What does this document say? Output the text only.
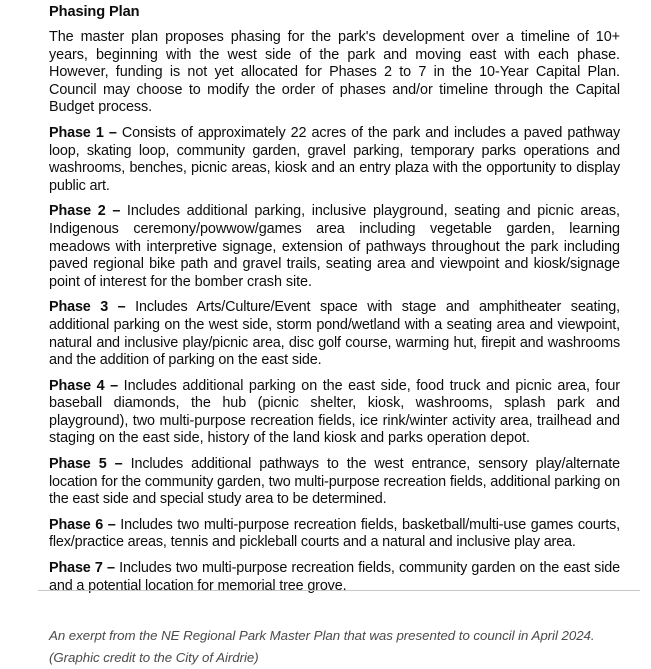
Phasing Plan

The master plan proposes phasing for the park's development over a timeline of 10+ years, beginning with the west side of the park and moving east with each phase. However, funding is not yet allocated for Phases 2 to 7 in the 10-Year Capital Plan. Council may choose to modify the order of phases and/or timeline through the Capital Budget process.

Phase 1 – Consists of approximately 22 acres of the park and includes a paved pathway loop, skating loop, community garden, gravel parking, temporary parks operations and washrooms, benches, picnic areas, kiosk and an entry plaza with the opportunity to display public art.

Phase 2 – Includes additional parking, inclusive playground, seating and picnic areas, Indigenous ceremony/powwow/games area including vegetable garden, learning meadows with interpretive signage, extension of pathways throughout the park including paved regional bike path and gravel trails, seating area and viewpoint and kiosk/signage point of interest for the bomber crash site.

Phase 3 – Includes Arts/Culture/Event space with stage and amphitheater seating, additional parking on the west side, storm pond/wetland with a seating area and viewpoint, natural and inclusive play/picnic area, disc golf course, warming hut, firepit and washrooms and the addition of parking on the east side.

Phase 4 – Includes additional parking on the east side, food truck and picnic area, four baseball diamonds, the hub (picnic shelter, kiosk, washrooms, splash park and playground), two multi-purpose recreation fields, ice rink/winter activity area, trailhead and staging on the east side, history of the land kiosk and parks operation depot.

Phase 5 – Includes additional pathways to the west entrance, sensory play/alternate location for the community garden, two multi-purpose recreation fields, additional parking on the east side and special study area to be determined.

Phase 6 – Includes two multi-purpose recreation fields, basketball/multi-use games courts, flex/practice areas, tennis and pickleball courts and a natural and inclusive play area.

Phase 7 – Includes two multi-purpose recreation fields, community garden on the east side and a potential location for memorial tree grove.

An exerpt from the NE Regional Park Master Plan that was presented to council in April 2024. (Graphic credit to the City of Airdrie)
